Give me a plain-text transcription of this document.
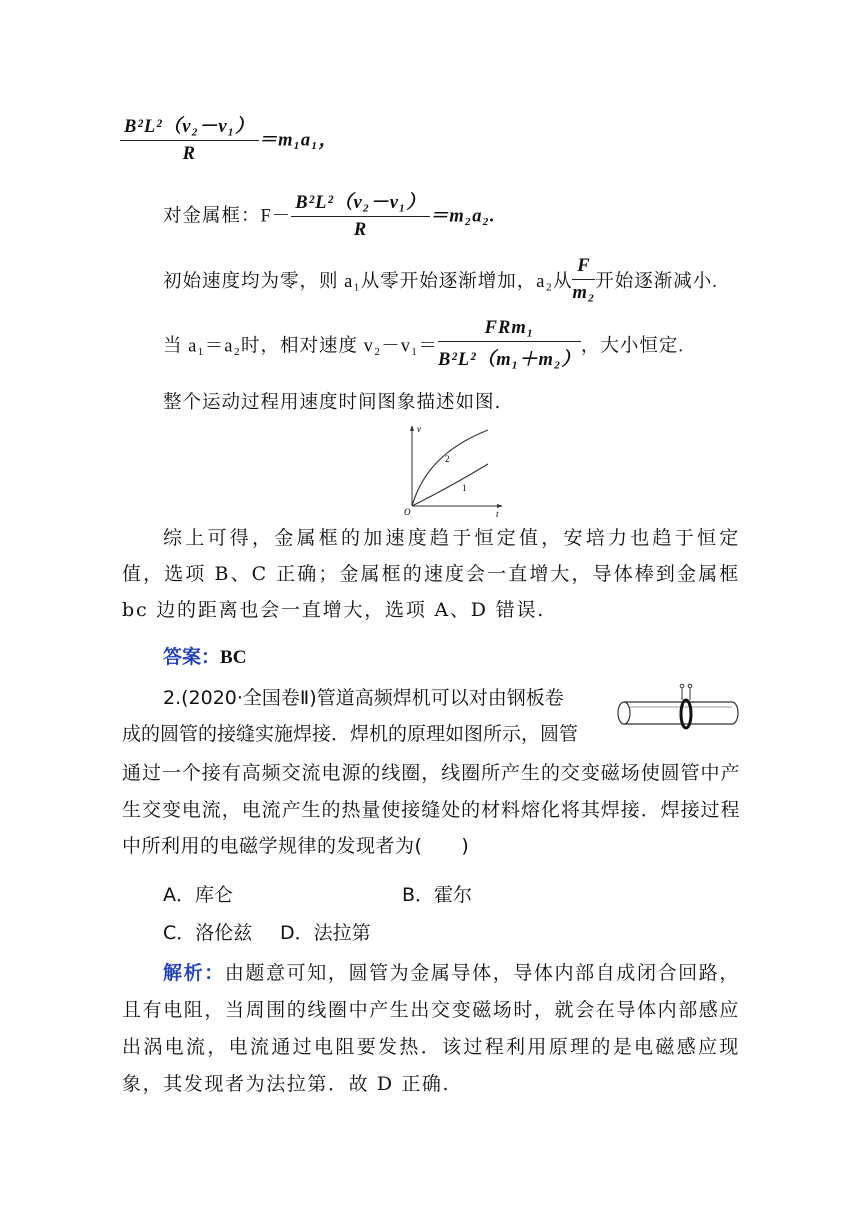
$\frac{\text{B²L²（v₂－v₁）}}{R} =m_1a_1$，
对金属框：$F- \frac{\text{B²L²（v₂－v₁）}}{R} =m_2a_2$.
初始速度均为零，则 a₁从零开始逐渐增加，a₂从 $\frac{F}{\text{m₂}}$ 开始逐渐减小.
当 a₁＝a₂时，相对速度 $v_2-v_1= \frac{\text{FRm₁}}{\text{B²L²（m₁＋m₂）}}$ ，大小恒定.
整个运动过程用速度时间图象描述如图.
v
t
O
2
1
综上可得，金属框的加速度趋于恒定值，安培力也趋于恒定值，选项 B、C 正确；金属框的速度会一直增大，导体棒到金属框 bc 边的距离也会一直增大，选项 A、D 错误.
答案：BC
2.(2020·全国卷Ⅱ)管道高频焊机可以对由钢板卷
成的圆管的接缝实施焊接．焊机的原理如图所示，圆管
通过一个接有高频交流电源的线圈，线圈所产生的交变磁场使圆管中产生交变电流，电流产生的热量使接缝处的材料熔化将其焊接．焊接过程中所利用的电磁学规律的发现者为(　　)
A．库仑	B．霍尔
C．洛伦兹 D．法拉第
解析：由题意可知，圆管为金属导体，导体内部自成闭合回路，且有电阻，当周围的线圈中产生出交变磁场时，就会在导体内部感应出涡电流，电流通过电阻要发热．该过程利用原理的是电磁感应现象，其发现者为法拉第．故 D 正确.
